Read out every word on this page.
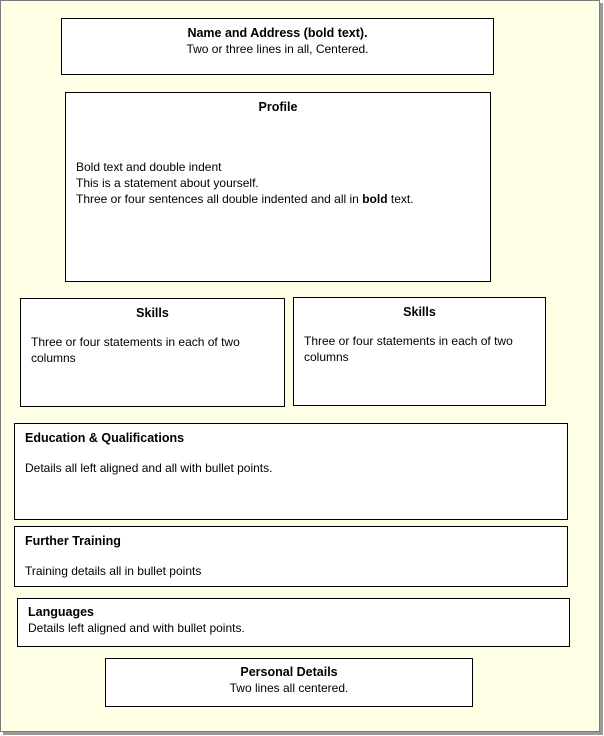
Name and Address (bold text).
Two or three lines in all, Centered.
Profile
Bold text and double indent
This is a statement about yourself.
Three or four sentences all double indented and all in bold text.
Skills
Three or four statements in each of two columns
Skills
Three or four statements in each of two columns
Education & Qualifications
Details all left aligned and all with bullet points.
Further Training
Training details all in bullet points
Languages
Details left aligned and with bullet points.
Personal Details
Two lines all centered.
